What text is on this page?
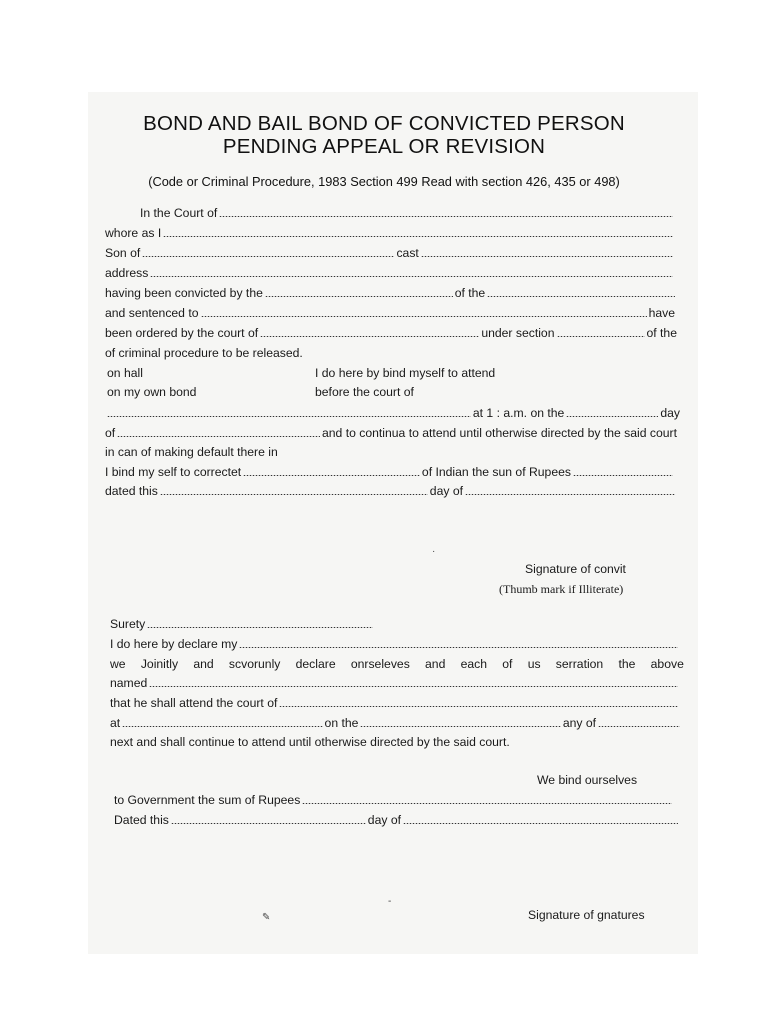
BOND AND BAIL BOND OF CONVICTED PERSON
PENDING APPEAL OR REVISION
(Code or Criminal Procedure, 1983 Section 499 Read with section 426, 435 or 498)
In the Court of
whore as I
Son of	cast
address
having been convicted by the	of the
and sentenced to	have
been ordered by the court of	under section	of the
of criminal procedure to be released.
on hall	I do here by bind myself to attend
on my own bond	before the court of
at 1 : a.m. on the	day
of	and to continua to attend until otherwise directed by the said court
in can of making default there in
I bind my self to correctet	of Indian the sun of Rupees
dated this	day of
Signature of convit
(Thumb mark if Illiterate)
Surety
I do here by declare my
we Joinitly and scvorunly declare onrseleves and each of us serration the above
named
that he shall attend the court of
at	on the	any of
next and shall continue to attend until otherwise directed by the said court.
We bind ourselves
to Government the sum of Rupees
Dated this	day of
Signature of gnatures
✎
-
·
